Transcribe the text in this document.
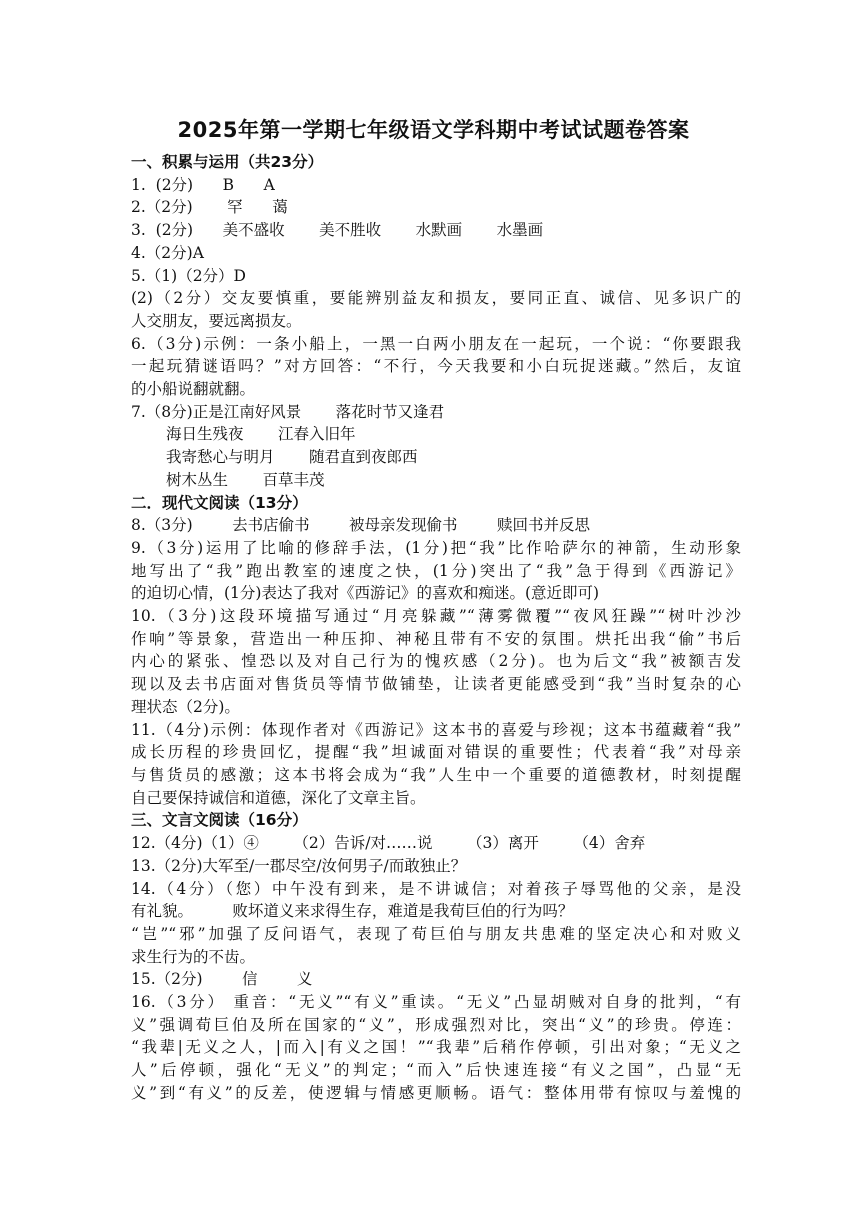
2025年第一学期七年级语文学科期中考试试题卷答案

一、积累与运用（共23分）

1.  (2分)      B      A

2.（2分)       罕      蔼

3.  (2分)      美不盛收       美不胜收       水默画       水墨画

4.（2分)A

5.（1)（2分）D

(2)（2分）交友要慎重，要能辨别益友和损友，要同正直、诚信、见多识广的

人交朋友，要远离损友。

6.（3分)示例：一条小船上，一黑一白两小朋友在一起玩，一个说：“你要跟我

一起玩猜谜语吗？”对方回答：“不行，今天我要和小白玩捉迷藏。”然后，友谊

的小船说翻就翻。

7.（8分)正是江南好风景       落花时节又逢君

海日生残夜       江春入旧年

我寄愁心与明月       随君直到夜郎西

树木丛生       百草丰茂

二．现代文阅读（13分）

8.（3分)        去书店偷书        被母亲发现偷书        赎回书并反思

9.（3分)运用了比喻的修辞手法，(1分)把“我”比作哈萨尔的神箭，生动形象

地写出了“我”跑出教室的速度之快，(1分)突出了“我”急于得到《西游记》

的迫切心情，(1分)表达了我对《西游记》的喜欢和痴迷。(意近即可)

10.（3分)这段环境描写通过“月亮躲藏”“薄雾微覆”“夜风狂躁”“树叶沙沙

作响”等景象，营造出一种压抑、神秘且带有不安的氛围。烘托出我“偷”书后

内心的紧张、惶恐以及对自己行为的愧疚感（2分)。也为后文“我”被额吉发

现以及去书店面对售货员等情节做铺垫，让读者更能感受到“我”当时复杂的心

理状态（2分)。

11.（4分)示例：体现作者对《西游记》这本书的喜爱与珍视；这本书蕴藏着“我”

成长历程的珍贵回忆，提醒“我”坦诚面对错误的重要性；代表着“我”对母亲

与售货员的感激；这本书将会成为“我”人生中一个重要的道德教材，时刻提醒

自己要保持诚信和道德，深化了文章主旨。

三、文言文阅读（16分）

12.（4分)（1）④       （2）告诉/对……说       （3）离开       （4）舍弃

13.（2分)大军至/一郡尽空/汝何男子/而敢独止？

14.（4分）（您）中午没有到来，是不讲诚信；对着孩子辱骂他的父亲，是没

有礼貌。        败坏道义来求得生存，难道是我荀巨伯的行为吗？

“岂”“邪”加强了反问语气，表现了荀巨伯与朋友共患难的坚定决心和对败义

求生行为的不齿。

15.（2分)        信        义

16.（3分） 重音：“无义”“有义”重读。“无义”凸显胡贼对自身的批判，“有

义”强调荀巨伯及所在国家的“义”，形成强烈对比，突出“义”的珍贵。停连：

“我辈|无义之人，|而入|有义之国！”“我辈”后稍作停顿，引出对象；“无义之

人”后停顿，强化“无义”的判定；“而入”后快速连接“有义之国”，凸显“无

义”到“有义”的反差，使逻辑与情感更顺畅。语气：整体用带有惊叹与羞愧的
